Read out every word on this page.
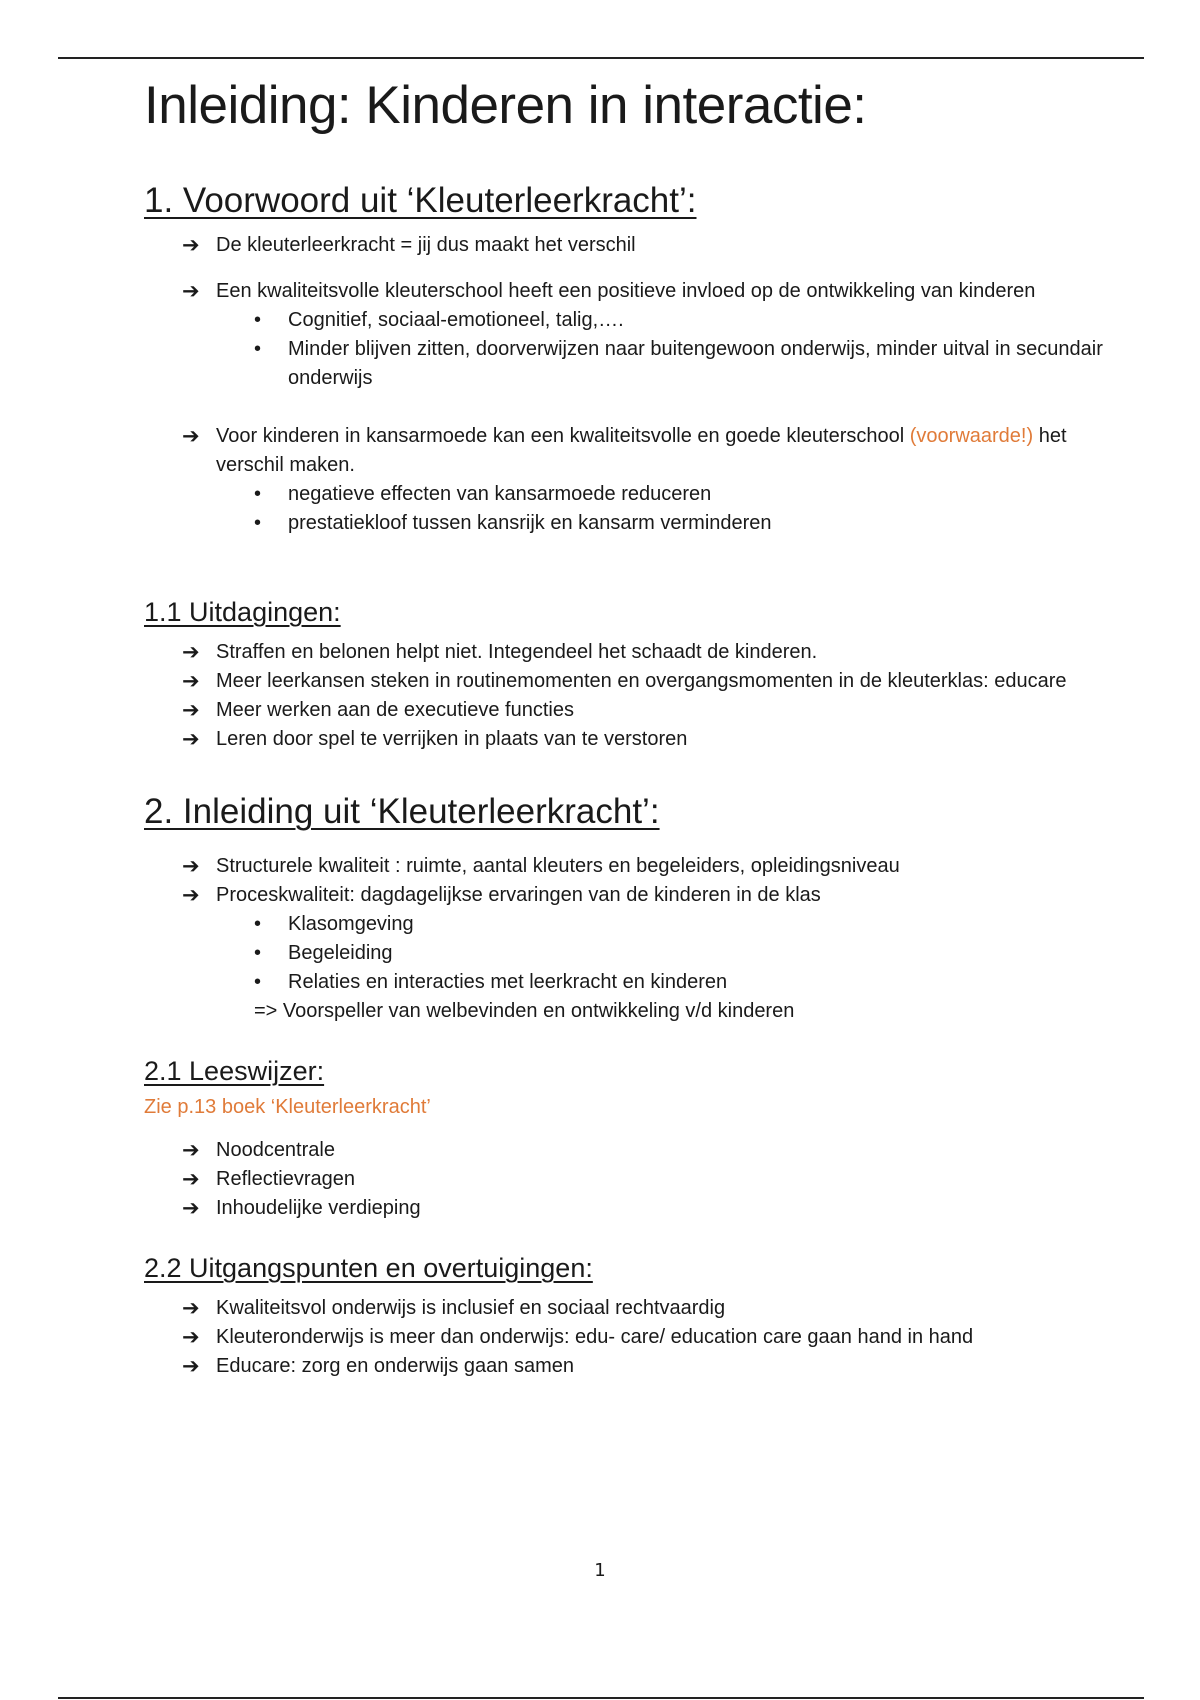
Inleiding: Kinderen in interactie:
1. Voorwoord uit ‘Kleuterleerkracht’:
➔ De kleuterleerkracht = jij dus maakt het verschil
➔ Een kwaliteitsvolle kleuterschool heeft een positieve invloed op de ontwikkeling van kinderen
• Cognitief, sociaal-emotioneel, talig,….
• Minder blijven zitten, doorverwijzen naar buitengewoon onderwijs, minder uitval in secundair onderwijs
➔ Voor kinderen in kansarmoede kan een kwaliteitsvolle en goede kleuterschool (voorwaarde!) het verschil maken.
• negatieve effecten van kansarmoede reduceren
• prestatiekloof tussen kansrijk en kansarm verminderen
1.1 Uitdagingen:
➔ Straffen en belonen helpt niet. Integendeel het schaadt de kinderen.
➔ Meer leerkansen steken in routinemomenten en overgangsmomenten in de kleuterklas: educare
➔ Meer werken aan de executieve functies
➔ Leren door spel te verrijken in plaats van te verstoren
2. Inleiding uit ‘Kleuterleerkracht’:
➔ Structurele kwaliteit : ruimte, aantal kleuters en begeleiders, opleidingsniveau
➔ Proceskwaliteit: dagdagelijkse ervaringen van de kinderen in de klas
• Klasomgeving
• Begeleiding
• Relaties en interacties met leerkracht en kinderen
=> Voorspeller van welbevinden en ontwikkeling v/d kinderen
2.1 Leeswijzer:
Zie p.13 boek ‘Kleuterleerkracht’
➔ Noodcentrale
➔ Reflectievragen
➔ Inhoudelijke verdieping
2.2 Uitgangspunten en overtuigingen:
➔ Kwaliteitsvol onderwijs is inclusief en sociaal rechtvaardig
➔ Kleuteronderwijs is meer dan onderwijs: edu- care/ education care gaan hand in hand
➔ Educare: zorg en onderwijs gaan samen
1
